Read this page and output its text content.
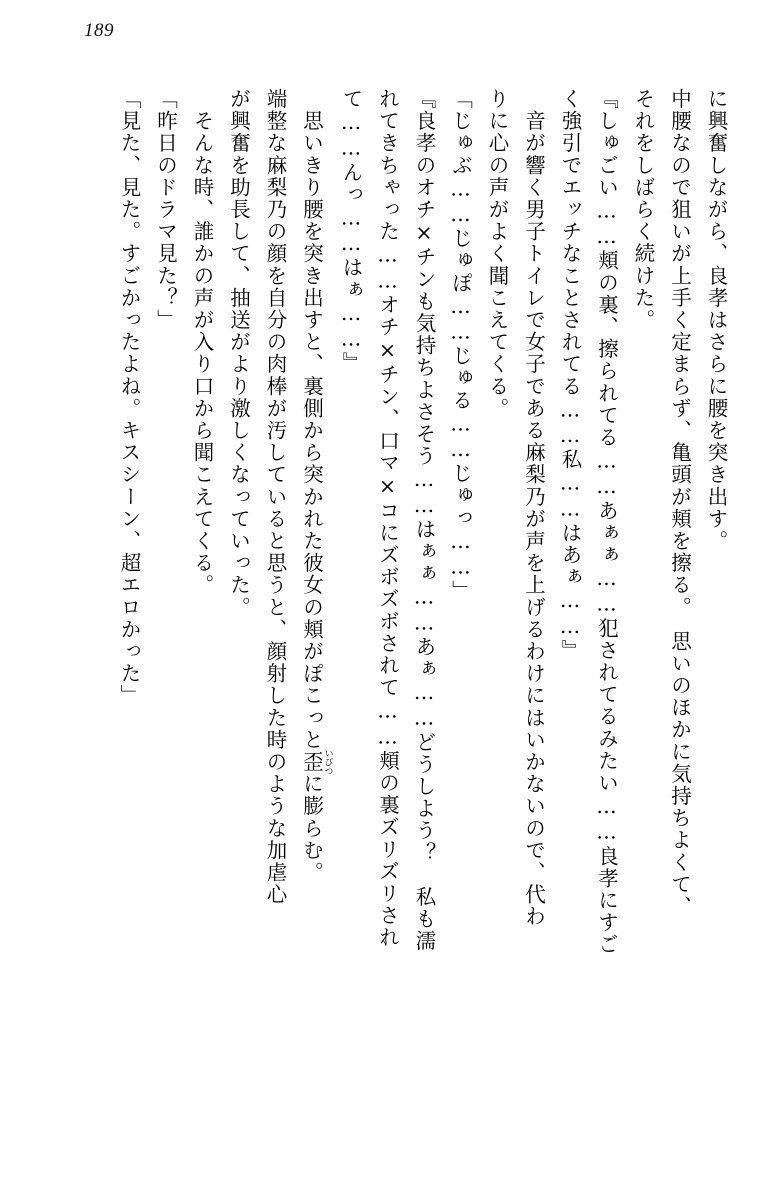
189

に興奮しながら、良孝はさらに腰を突き出す。

中腰なので狙いが上手く定まらず、亀頭が頬を擦る。　思いのほかに気持ちよくて、

それをしばらく続けた。

『しゅごい……頬の裏、擦られてる……あぁぁ……犯されてるみたい……良孝にすご

く強引でエッチなことされてる……私……はあぁ……』

　音が響く男子トイレで女子である麻梨乃が声を上げるわけにはいかないので、代わ

りに心の声がよく聞こえてくる。

「じゅぶ……じゅぽ……じゅる……じゅっ……」

『良孝のオチ×チンも気持ちよさそう……はぁぁ……あぁ……どうしよう？　私も濡

れてきちゃった……オチ×チン、口マ×コにズボズボされて……頬の裏ズリズリされ

て……んっ……はぁ……』

　思いきり腰を突き出すと、裏側から突かれた彼女の頬がぽこっと歪 いびつに膨らむ。

端整な麻梨乃の顔を自分の肉棒が汚していると思うと、顔射した時のような加虐心

が興奮を助長して、抽送がより激しくなっていった。

　そんな時、誰かの声が入り口から聞こえてくる。

「昨日のドラマ見た？」

「見た、見た。すごかったよね。キスシーン、超エロかった」
